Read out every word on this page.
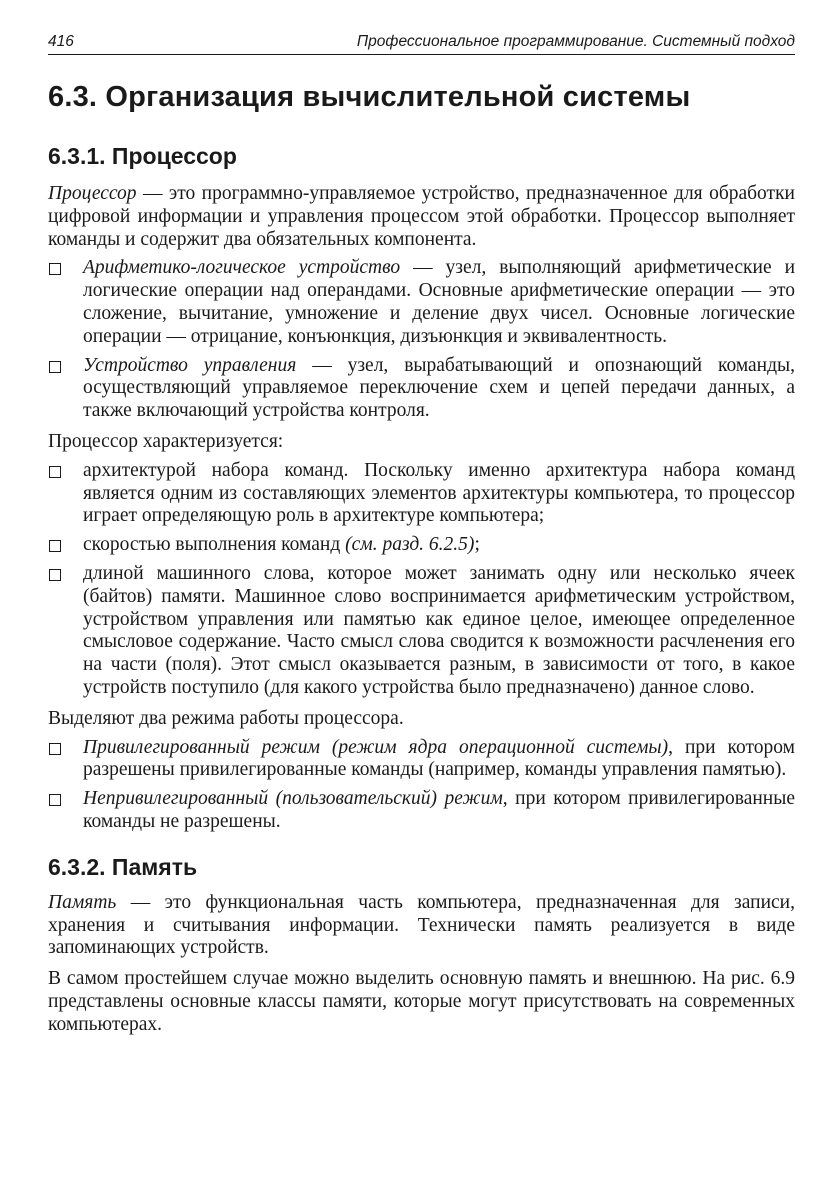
416	Профессиональное программирование. Системный подход
6.3. Организация вычислительной системы
6.3.1. Процессор

Процессор — это программно-управляемое устройство, предназначенное для обработки цифровой информации и управления процессом этой обработки. Процессор выполняет команды и содержит два обязательных компонента.

Арифметико-логическое устройство — узел, выполняющий арифметические и логические операции над операндами. Основные арифметические операции — это сложение, вычитание, умножение и деление двух чисел. Основные логические операции — отрицание, конъюнкция, дизъюнкция и эквивалентность.
Устройство управления — узел, вырабатывающий и опознающий команды, осуществляющий управляемое переключение схем и цепей передачи данных, а также включающий устройства контроля.

Процессор характеризуется:

архитектурой набора команд. Поскольку именно архитектура набора команд является одним из составляющих элементов архитектуры компьютера, то процессор играет определяющую роль в архитектуре компьютера;
скоростью выполнения команд (см. разд. 6.2.5);
длиной машинного слова, которое может занимать одну или несколько ячеек (байтов) памяти. Машинное слово воспринимается арифметическим устройством, устройством управления или памятью как единое целое, имеющее определенное смысловое содержание. Часто смысл слова сводится к возможности расчленения его на части (поля). Этот смысл оказывается разным, в зависимости от того, в какое устройств поступило (для какого устройства было предназначено) данное слово.

Выделяют два режима работы процессора.

Привилегированный режим (режим ядра операционной системы), при котором разрешены привилегированные команды (например, команды управления памятью).
Непривилегированный (пользовательский) режим, при котором привилегированные команды не разрешены.
6.3.2. Память

Память — это функциональная часть компьютера, предназначенная для записи, хранения и считывания информации. Технически память реализуется в виде запоминающих устройств.

В самом простейшем случае можно выделить основную память и внешнюю. На рис. 6.9 представлены основные классы памяти, которые могут присутствовать на современных компьютерах.
